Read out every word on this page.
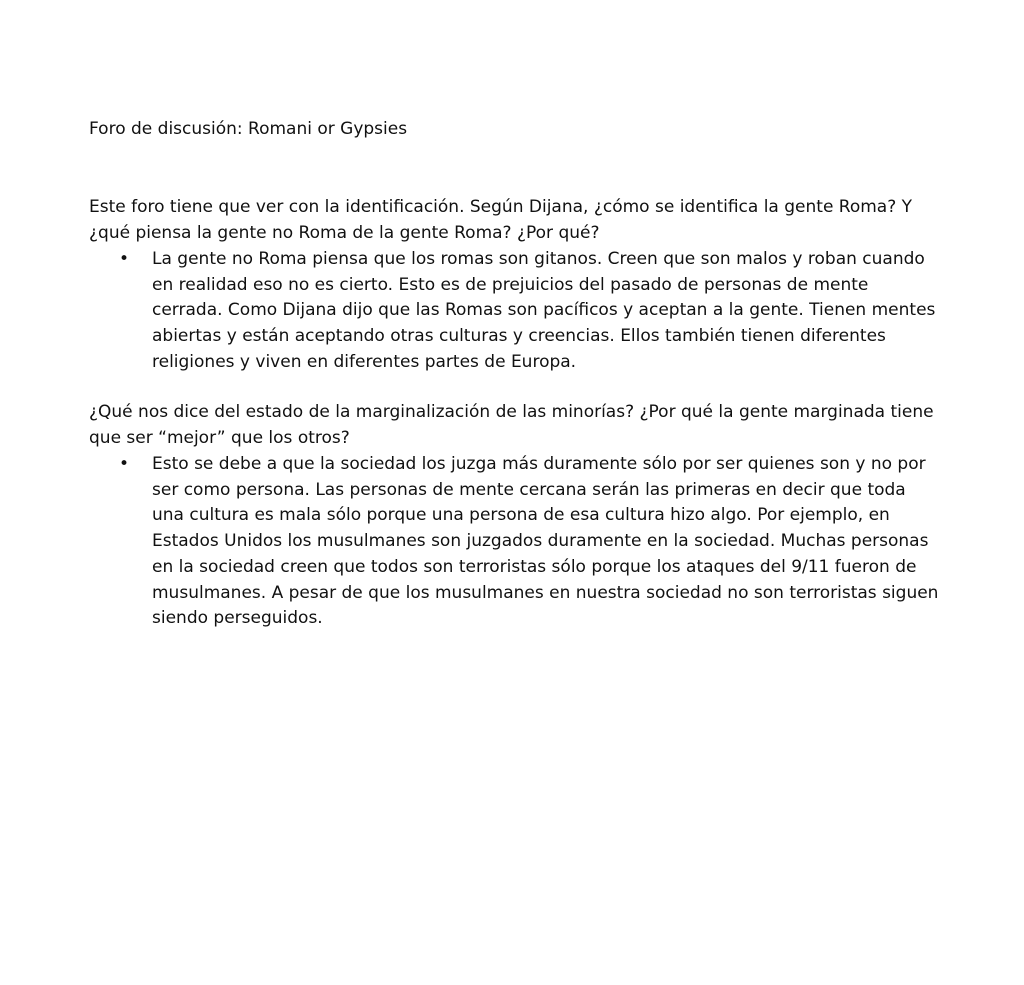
Foro de discusión: Romani or Gypsies

Este foro tiene que ver con la identificación. Según Dijana, ¿cómo se identifica la gente Roma? Y ¿qué piensa la gente no Roma de la gente Roma? ¿Por qué?

• La gente no Roma piensa que los romas son gitanos. Creen que son malos y roban cuando en realidad eso no es cierto. Esto es de prejuicios del pasado de personas de mente cerrada. Como Dijana dijo que las Romas son pacíficos y aceptan a la gente. Tienen mentes abiertas y están aceptando otras culturas y creencias. Ellos también tienen diferentes religiones y viven en diferentes partes de Europa.

¿Qué nos dice del estado de la marginalización de las minorías? ¿Por qué la gente marginada tiene que ser “mejor” que los otros?

• Esto se debe a que la sociedad los juzga más duramente sólo por ser quienes son y no por ser como persona. Las personas de mente cercana serán las primeras en decir que toda una cultura es mala sólo porque una persona de esa cultura hizo algo. Por ejemplo, en Estados Unidos los musulmanes son juzgados duramente en la sociedad. Muchas personas en la sociedad creen que todos son terroristas sólo porque los ataques del 9/11 fueron de musulmanes. A pesar de que los musulmanes en nuestra sociedad no son terroristas siguen siendo perseguidos.
